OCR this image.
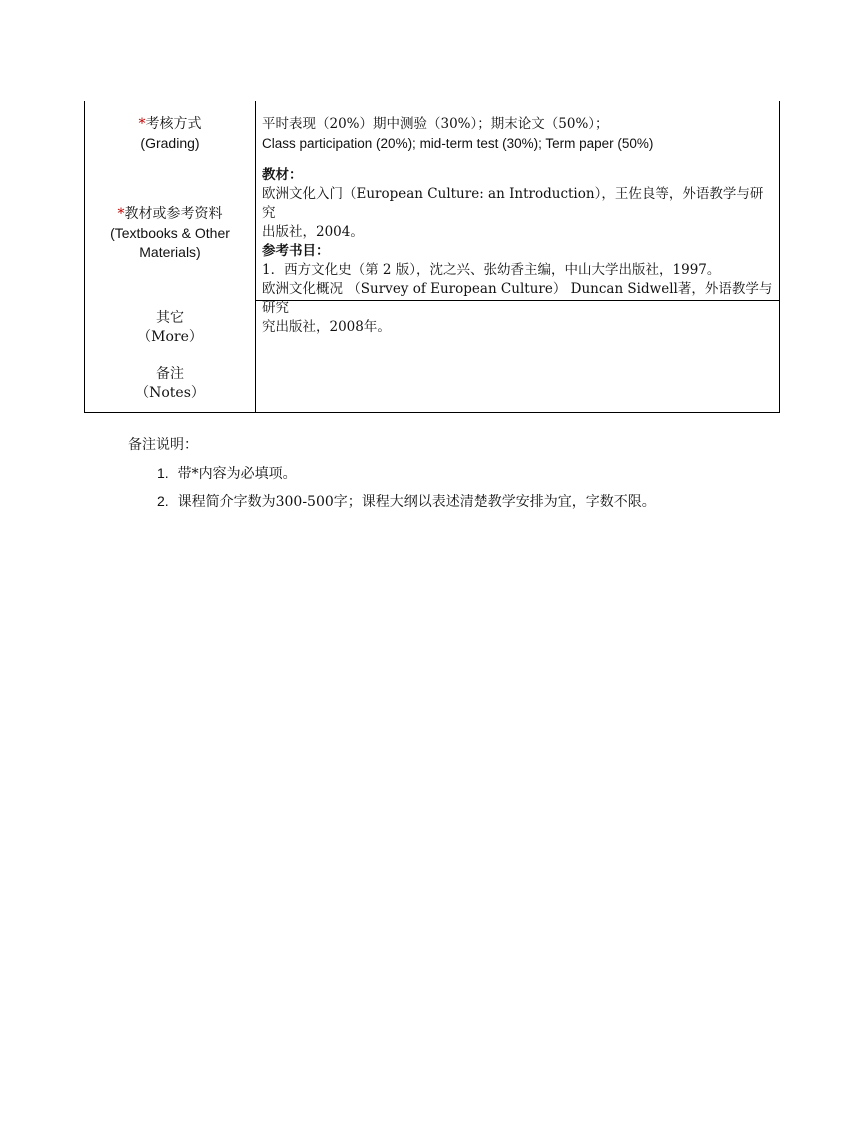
*考核方式
(Grading)
平时表现（20%）期中测验（30%）；期末论文（50%）；
Class participation (20%); mid-term test (30%); Term paper (50%)
*教材或参考资料
(Textbooks & Other
Materials)
教材：
欧洲文化入门（European Culture: an Introduction），王佐良等，外语教学与研究
出版社，2004。
参考书目：
1．西方文化史（第 2 版），沈之兴、张幼香主编，中山大学出版社，1997。
欧洲文化概况 （Survey of European Culture） Duncan Sidwell著，外语教学与研究
究出版社，2008年。
其它
（More）
备注
（Notes）
备注说明：
1. 带*内容为必填项。
2. 课程简介字数为300-500字；课程大纲以表述清楚教学安排为宜，字数不限。
